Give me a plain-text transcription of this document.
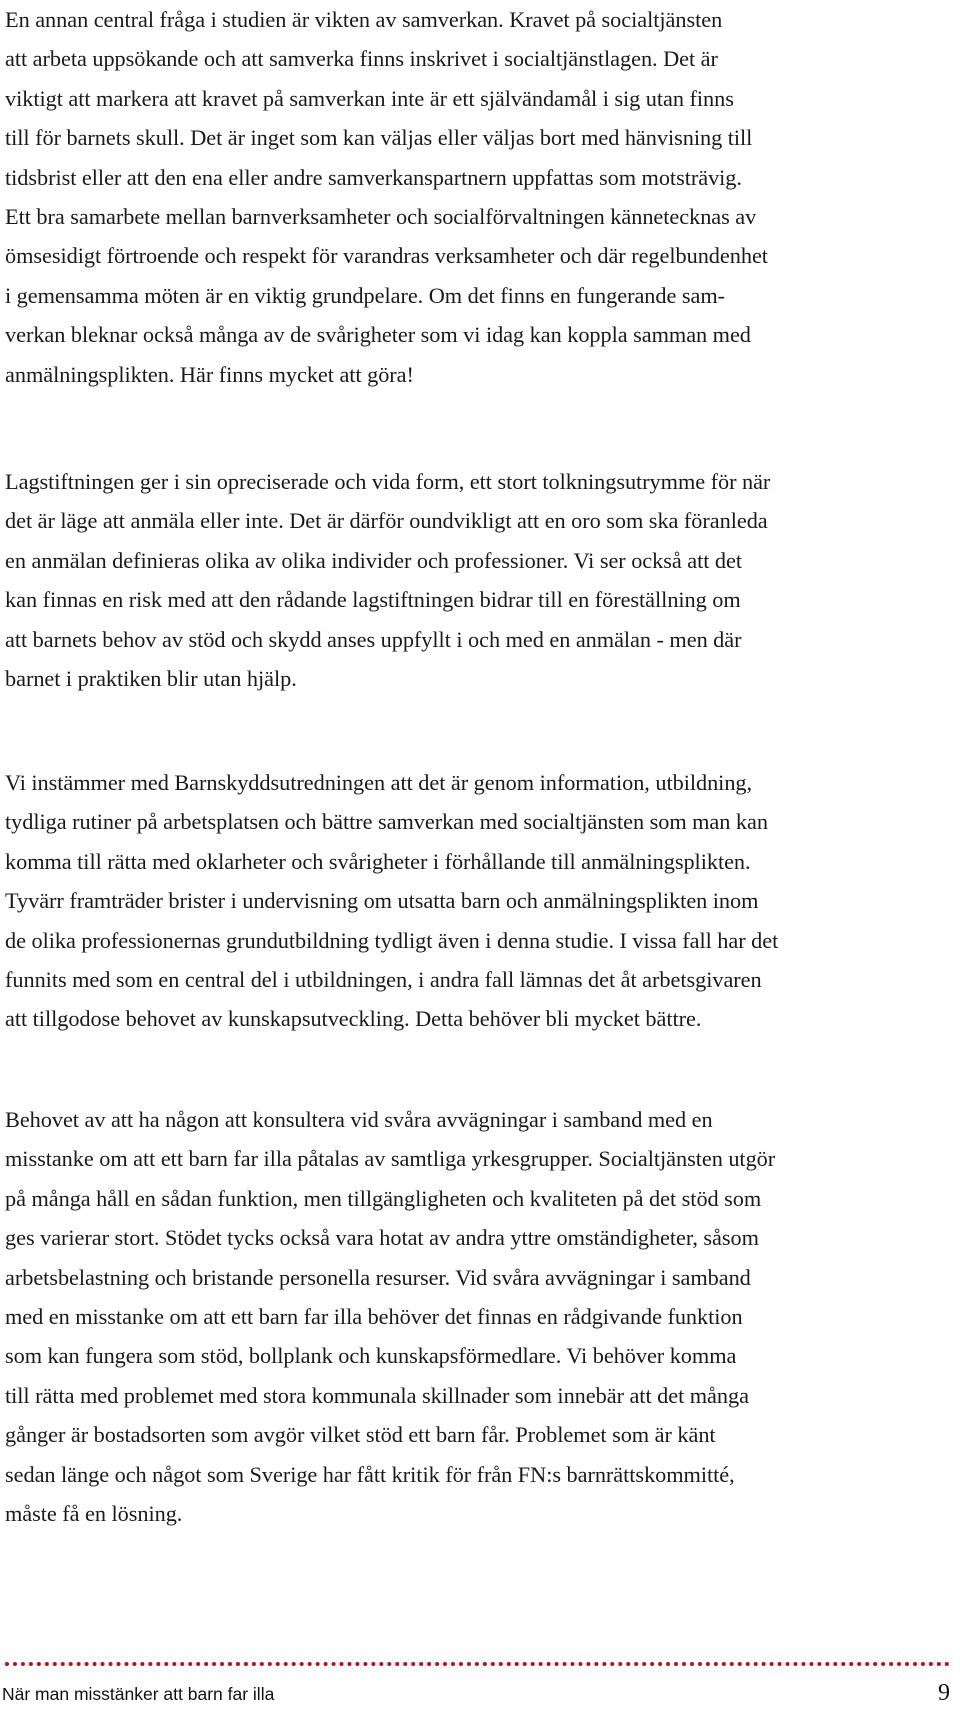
En annan central fråga i studien är vikten av samverkan. Kravet på socialtjänsten
att arbeta uppsökande och att samverka finns inskrivet i socialtjänstlagen. Det är
viktigt att markera att kravet på samverkan inte är ett självändamål i sig utan finns
till för barnets skull. Det är inget som kan väljas eller väljas bort med hänvisning till
tidsbrist eller att den ena eller andre samverkanspartnern uppfattas som motsträvig.
Ett bra samarbete mellan barnverksamheter och socialförvaltningen kännetecknas av
ömsesidigt förtroende och respekt för varandras verksamheter och där regelbundenhet
i gemensamma möten är en viktig grundpelare. Om det finns en fungerande sam-
verkan bleknar också många av de svårigheter som vi idag kan koppla samman med
anmälningsplikten. Här finns mycket att göra!
Lagstiftningen ger i sin opreciserade och vida form, ett stort tolkningsutrymme för när
det är läge att anmäla eller inte. Det är därför oundvikligt att en oro som ska föranleda
en anmälan definieras olika av olika individer och professioner. Vi ser också att det
kan finnas en risk med att den rådande lagstiftningen bidrar till en föreställning om
att barnets behov av stöd och skydd anses uppfyllt i och med en anmälan - men där
barnet i praktiken blir utan hjälp.
Vi instämmer med Barnskyddsutredningen att det är genom information, utbildning,
tydliga rutiner på arbetsplatsen och bättre samverkan med socialtjänsten som man kan
komma till rätta med oklarheter och svårigheter i förhållande till anmälningsplikten.
Tyvärr framträder brister i undervisning om utsatta barn och anmälningsplikten inom
de olika professionernas grundutbildning tydligt även i denna studie. I vissa fall har det
funnits med som en central del i utbildningen, i andra fall lämnas det åt arbetsgivaren
att tillgodose behovet av kunskapsutveckling. Detta behöver bli mycket bättre.
Behovet av att ha någon att konsultera vid svåra avvägningar i samband med en
misstanke om att ett barn far illa påtalas av samtliga yrkesgrupper. Socialtjänsten utgör
på många håll en sådan funktion, men tillgängligheten och kvaliteten på det stöd som
ges varierar stort. Stödet tycks också vara hotat av andra yttre omständigheter, såsom
arbetsbelastning och bristande personella resurser. Vid svåra avvägningar i samband
med en misstanke om att ett barn far illa behöver det finnas en rådgivande funktion
som kan fungera som stöd, bollplank och kunskapsförmedlare. Vi behöver komma
till rätta med problemet med stora kommunala skillnader som innebär att det många
gånger är bostadsorten som avgör vilket stöd ett barn får. Problemet som är känt
sedan länge och något som Sverige har fått kritik för från FN:s barnrättskommitté,
måste få en lösning.
När man misstänker att barn far illa	9
